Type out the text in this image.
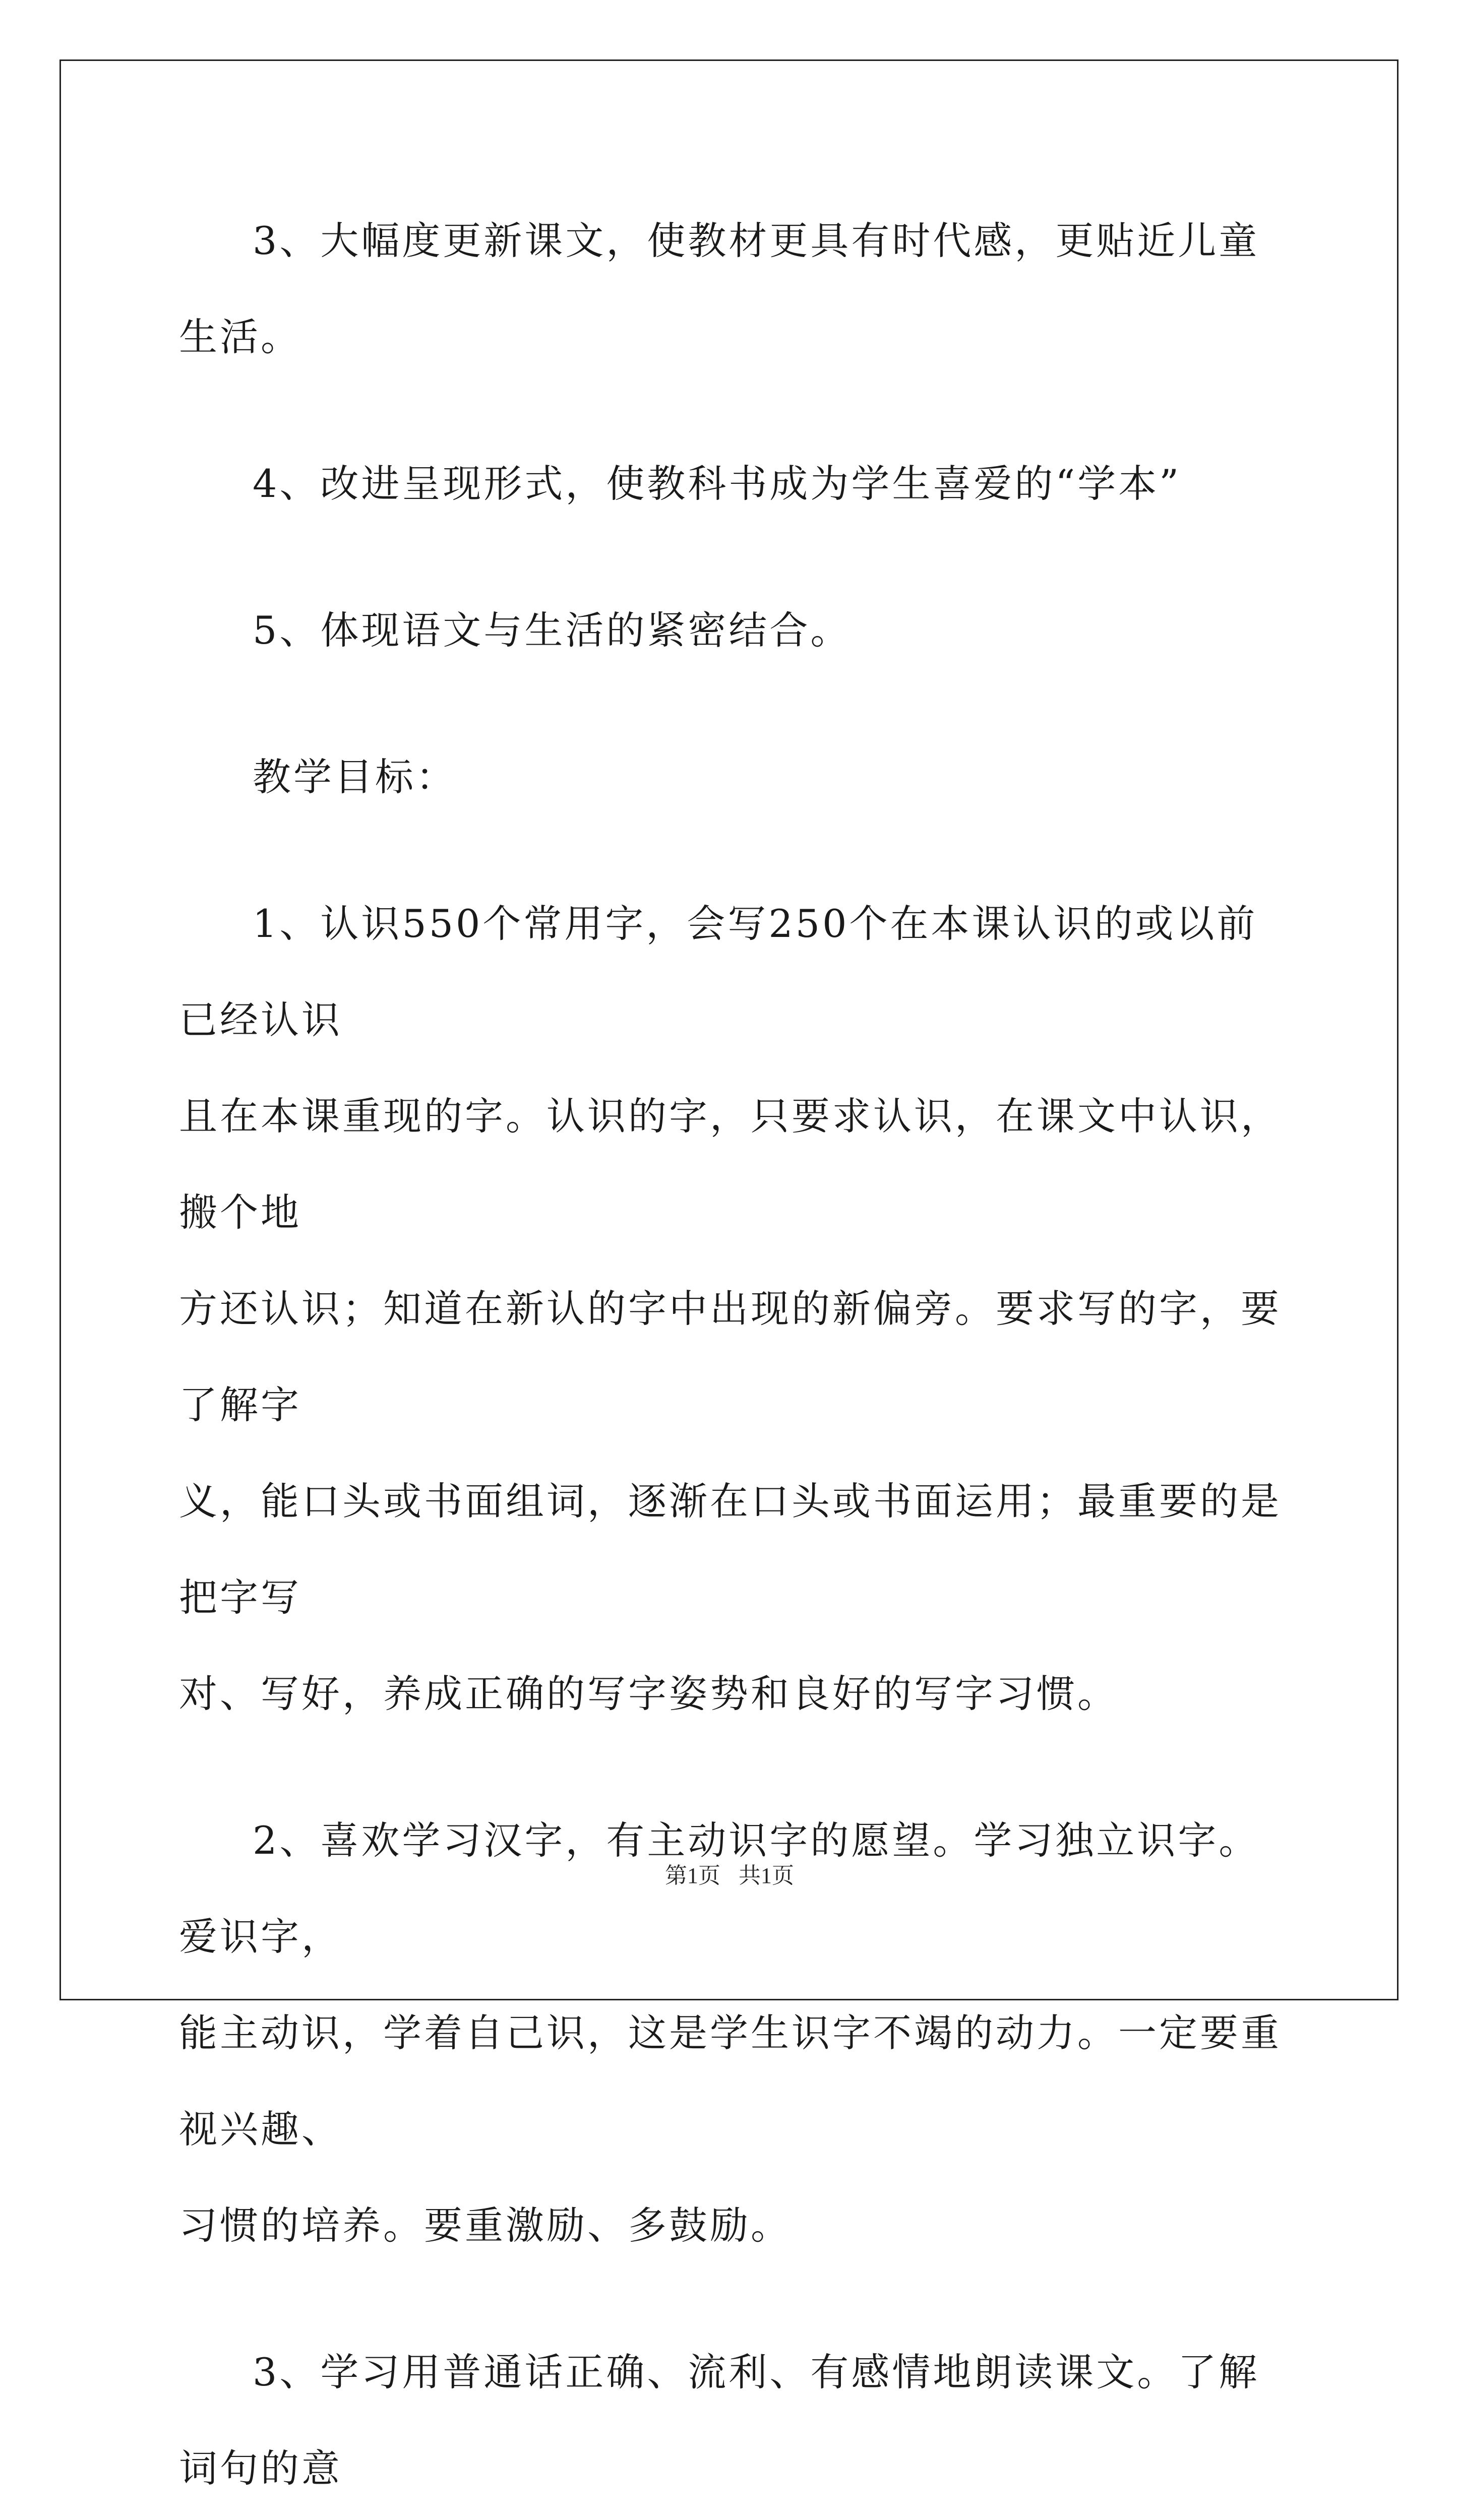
3、大幅度更新课文，使教材更具有时代感，更贴近儿童生活。
4、改进呈现形式，使教科书成为学生喜爱的“学本”
5、体现语文与生活的紧密结合。
教学目标：
1、认识550个常用字，会写250个在本课认识的或以前已经认识
且在本课重现的字。认识的字，只要求认识，在课文中认识，搬个地
方还认识；知道在新认的字中出现的新偏旁。要求写的字，要了解字
义，能口头或书面组词，逐渐在口头或书面运用；最重要的是把字写
对、写好，养成正确的写字姿势和良好的写字习惯。
2、喜欢学习汉字，有主动识字的愿望。学习独立识字。爱识字，
能主动识，学着自己识，这是学生识字不竭的动力。一定要重视兴趣、
习惯的培养。要重激励、多鼓励。
3、学习用普通话正确、流利、有感情地朗读课文。了解词句的意
第1页 共1页
